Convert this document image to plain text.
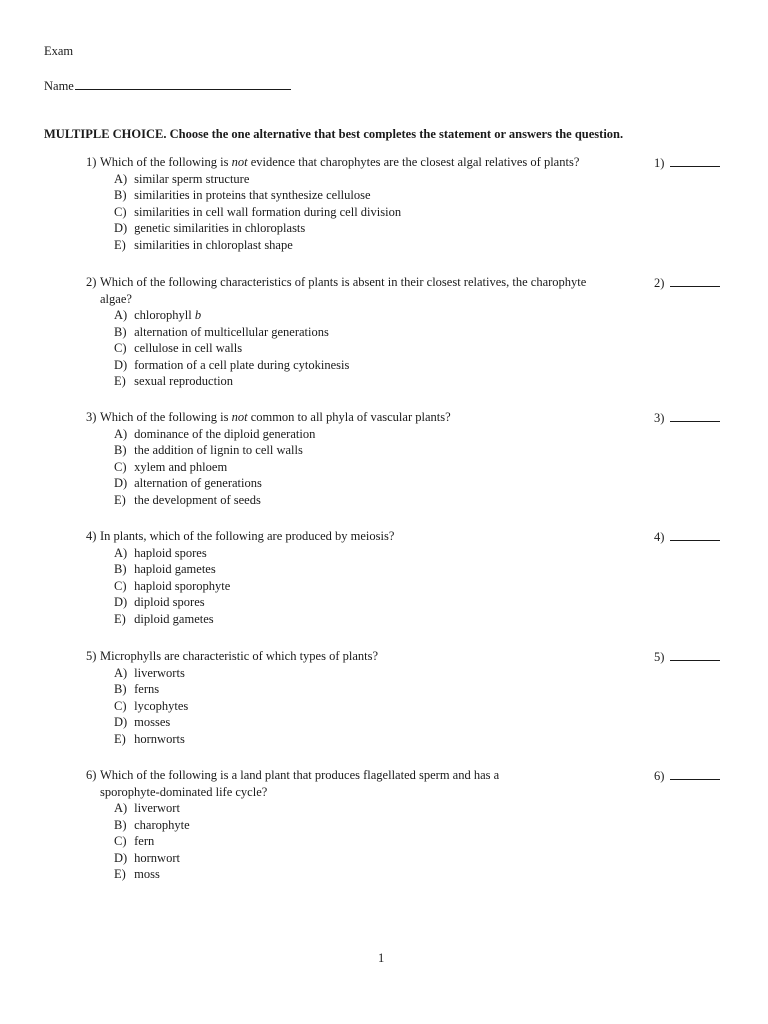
Exam
Name
MULTIPLE CHOICE. Choose the one alternative that best completes the statement or answers the question.
1) Which of the following is not evidence that charophytes are the closest algal relatives of plants?
A) similar sperm structure
B) similarities in proteins that synthesize cellulose
C) similarities in cell wall formation during cell division
D) genetic similarities in chloroplasts
E) similarities in chloroplast shape
1)
2) Which of the following characteristics of plants is absent in their closest relatives, the charophyte
algae?
A) chlorophyll b
B) alternation of multicellular generations
C) cellulose in cell walls
D) formation of a cell plate during cytokinesis
E) sexual reproduction
2)
3) Which of the following is not common to all phyla of vascular plants?
A) dominance of the diploid generation
B) the addition of lignin to cell walls
C) xylem and phloem
D) alternation of generations
E) the development of seeds
3)
4) In plants, which of the following are produced by meiosis?
A) haploid spores
B) haploid gametes
C) haploid sporophyte
D) diploid spores
E) diploid gametes
4)
5) Microphylls are characteristic of which types of plants?
A) liverworts
B) ferns
C) lycophytes
D) mosses
E) hornworts
5)
6) Which of the following is a land plant that produces flagellated sperm and has a
sporophyte-dominated life cycle?
A) liverwort
B) charophyte
C) fern
D) hornwort
E) moss
6)
1
